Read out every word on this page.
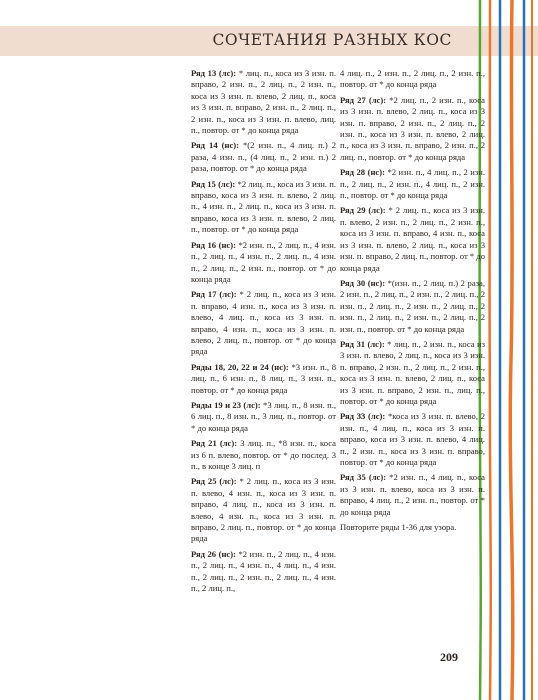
СОЧЕТАНИЯ РАЗНЫХ КОС

Ряд 13 (лс): * лиц. п., коса из 3 изн. п. вправо, 2 изн. п., 2 лиц. п., 2 изн. п., коса из 3 изн. п. влево, 2 лиц. п., коса из 3 изн. п. вправо, 2 изн. п., 2 лиц. п., 2 изн. п., коса из 3 изн. п. влево, лиц. п., повтор. от * до конца ряда

Ряд 14 (нс): *(2 изн. п., 4 лиц. п.) 2 раза, 4 изн. п., (4 лиц. п., 2 изн. п.) 2 раза, повтор. от * до конца ряда

Ряд 15 (лс): *2 лиц. п., коса из 3 изн. п. вправо, коса из 3 изн. п. влево, 2 лиц. п., 4 изн. п., 2 лиц. п., коса из 3 изн. п. вправо, коса из 3 изн. п. влево, 2 лиц. п., повтор. от * до конца ряда

Ряд 16 (нс): *2 изн. п., 2 лиц. п., 4 изн. п., 2 лиц. п., 4 изн. п., 2 лиц. п., 4 изн. п., 2 лиц. п., 2 изн. п., повтор. от * до конца ряда

Ряд 17 (лс): * 2 лиц. п., коса из 3 изн. п. вправо, 4 изн. п., коса из 3 изн. п. влево, 4 лиц. п., коса из 3 изн. п. вправо, 4 изн. п., коса из 3 изн. п. влево, 2 лиц. п., повтор. от * до конца ряда

Ряды 18, 20, 22 и 24 (нс): *3 изн. п., 8 лиц. п., 6 изн. п., 8 лиц. п., 3 изн. п., повтор. от * до конца ряда

Ряды 19 и 23 (лс): *3 лиц. п., 8 изн. п., 6 лиц. п., 8 изн. п., 3 лиц. п., повтор. от * до конца ряда

Ряд 21 (лс): 3 лиц. п., *8 изн. п., коса из 6 п. влево, повтор. от * до послед. 3 п., в конце 3 лиц. п

Ряд 25 (лс): * 2 лиц. п., коса из 3 изн. п. влево, 4 изн. п., коса из 3 изн. п. вправо, 4 лиц. п., коса из 3 изн. п. влево, 4 изн. п., коса из 3 изн. п. вправо, 2 лиц. п., повтор. от * до конца ряда

Ряд 26 (нс): *2 изн. п., 2 лиц. п., 4 изн. п., 2 лиц. п., 4 изн. п., 4 лиц. п., 4 изн. п., 2 лиц. п., 2 изн. п., 2 лиц. п., 4 изн. п., 2 лиц. п.,

4 лиц. п., 2 изн. п., 2 лиц. п., 2 изн. п., повтор. от * до конца ряда

Ряд 27 (лс): *2 лиц. п., 2 изн. п., коса из 3 изн. п. влево, 2 лиц. п., коса из 3 изн. п. вправо, 2 изн. п., 2 лиц. п., 2 изн. п., коса из 3 изн. п. влево, 2 лиц. п., коса из 3 изн. п. вправо, 2 изн. п., 2 лиц. п., повтор. от * до конца ряда

Ряд 28 (нс): *2 изн. п., 4 лиц. п., 2 изн. п., 2 лиц. п., 2 изн. п., 4 лиц. п., 2 изн. п., повтор. от * до конца ряда

Ряд 29 (лс): * 2 лиц. п., коса из 3 изн. п. влево, 2 изн. п., 2 лиц. п., 2 изн. п., коса из 3 изн. п. вправо, 4 изн. п., коса из 3 изн. п. влево, 2 лиц. п., коса из 3 изн. п. вправо, 2 лиц. п., повтор. от * до конца ряда

Ряд 30 (нс): *(изн. п., 2 лиц. п.) 2 раза, 2 изн. п., 2 лиц. п., 2 изн. п., 2 лиц. п., 2 изн. п., 2 лиц. п., 2 изн. п., 2 лиц. п., 2 изн. п., 2 лиц. п., 2 изн. п., 2 лиц. п., 2 изн. п., повтор. от * до конца ряда

Ряд 31 (лс): * лиц. п., 2 изн. п., коса из 3 изн. п. влево, 2 лиц. п., коса из 3 изн. п. вправо, 2 изн. п., 2 лиц. п., 2 изн. п., коса из 3 изн. п. влево, 2 лиц. п., коса из 3 изн. п. вправо, 2 изн. п., лиц. п., повтор. от * до конца ряда

Ряд 33 (лс): *коса из 3 изн. п. влево, 2 изн. п., 4 лиц. п., коса из 3 изн. п. вправо, коса из 3 изн. п. влево, 4 лиц. п., 2 изн. п., коса из 3 изн. п. вправо, повтор. от * до конца ряда

Ряд 35 (лс): *2 изн. п., 4 лиц. п., коса из 3 изн. п. влево, коса из 3 изн. п. вправо, 4 лиц. п., 2 изн. п., повтор. от * до конца ряда

Повторите ряды 1-36 для узора.

209
